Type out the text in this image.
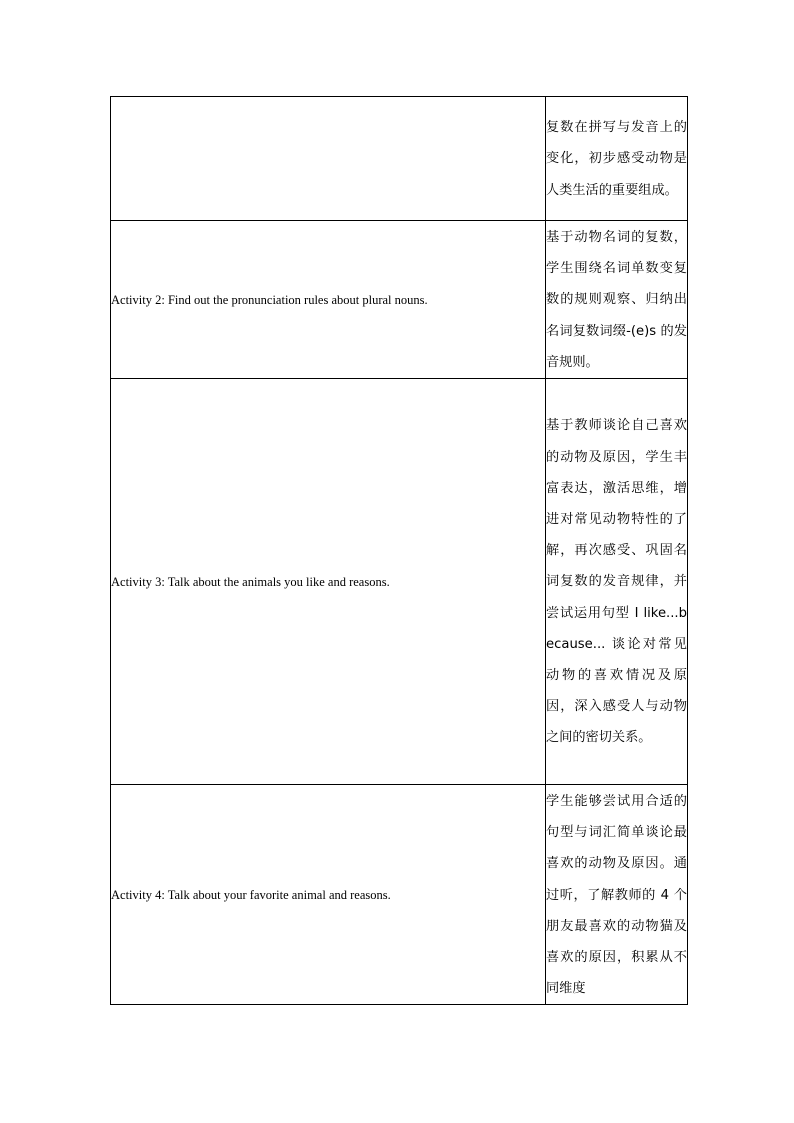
	复数在拼写与发音上的变化，初步感受动物是人类生活的重要组成。

Activity 2: Find out the pronunciation rules about plural nouns.	基于动物名词的复数，学生围绕名词单数变复数的规则观察、归纳出名词复数词缀-(e)s 的发音规则。

Activity 3: Talk about the animals you like and reasons.	基于教师谈论自己喜欢的动物及原因，学生丰富表达，激活思维，增进对常见动物特性的了解，再次感受、巩固名词复数的发音规律，并尝试运用句型 I like...because... 谈论对常见动物的喜欢情况及原因，深入感受人与动物之间的密切关系。

Activity 4: Talk about your favorite animal and reasons.	学生能够尝试用合适的句型与词汇简单谈论最喜欢的动物及原因。通过听，了解教师的 4 个朋友最喜欢的动物猫及喜欢的原因，积累从不同维度
